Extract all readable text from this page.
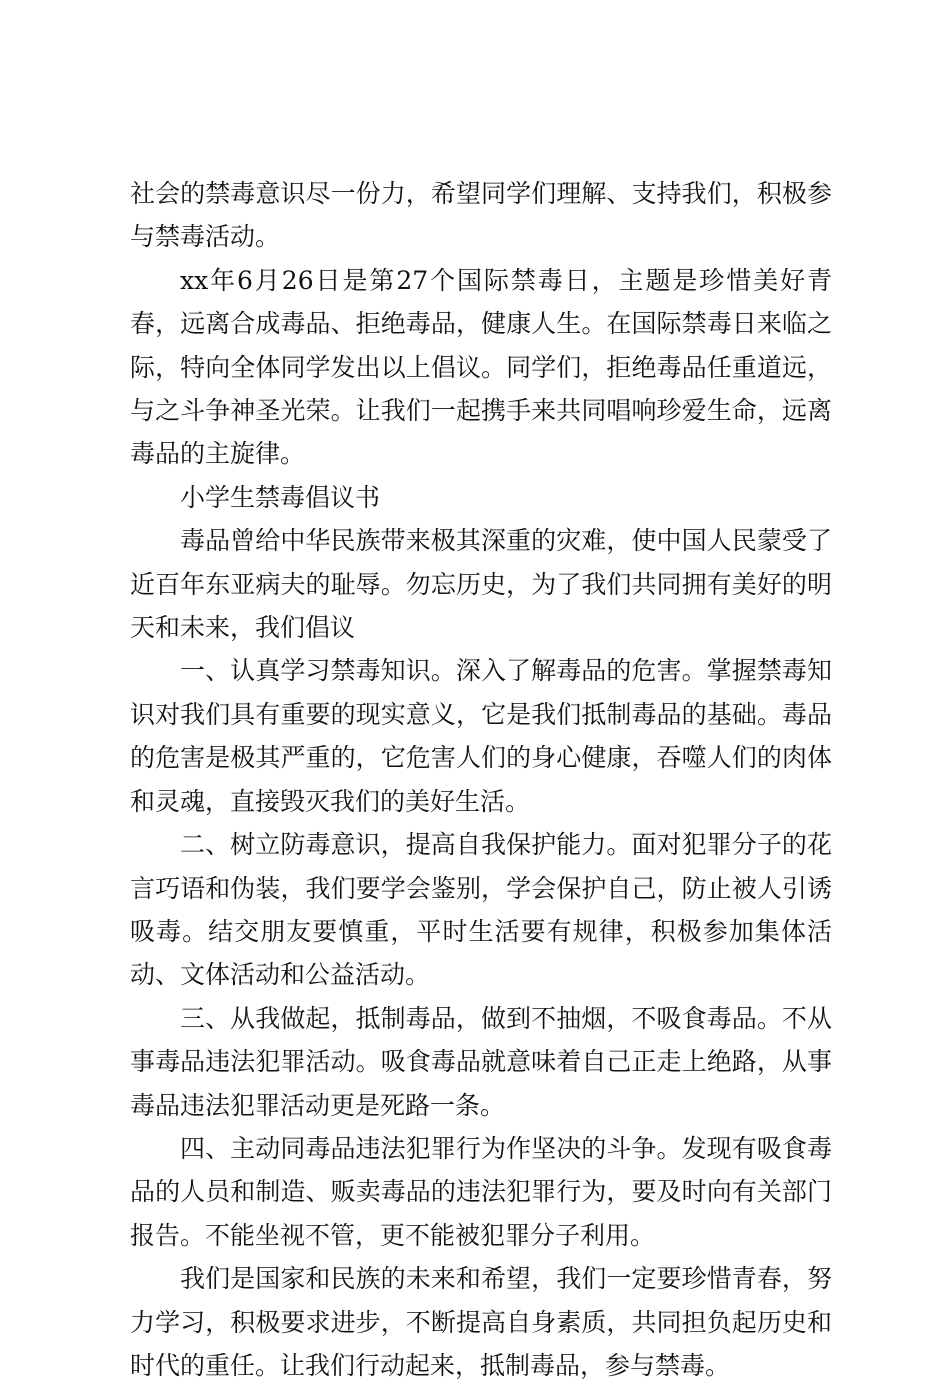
社会的禁毒意识尽一份力，希望同学们理解、支持我们，积极参与禁毒活动。

xx年6月26日是第27个国际禁毒日，主题是珍惜美好青春，远离合成毒品、拒绝毒品，健康人生。在国际禁毒日来临之际，特向全体同学发出以上倡议。同学们，拒绝毒品任重道远，与之斗争神圣光荣。让我们一起携手来共同唱响珍爱生命，远离毒品的主旋律。

小学生禁毒倡议书

毒品曾给中华民族带来极其深重的灾难，使中国人民蒙受了近百年东亚病夫的耻辱。勿忘历史，为了我们共同拥有美好的明天和未来，我们倡议

一、认真学习禁毒知识。深入了解毒品的危害。掌握禁毒知识对我们具有重要的现实意义，它是我们抵制毒品的基础。毒品的危害是极其严重的，它危害人们的身心健康，吞噬人们的肉体和灵魂，直接毁灭我们的美好生活。

二、树立防毒意识，提高自我保护能力。面对犯罪分子的花言巧语和伪装，我们要学会鉴别，学会保护自己，防止被人引诱吸毒。结交朋友要慎重，平时生活要有规律，积极参加集体活动、文体活动和公益活动。

三、从我做起，抵制毒品，做到不抽烟，不吸食毒品。不从事毒品违法犯罪活动。吸食毒品就意味着自己正走上绝路，从事毒品违法犯罪活动更是死路一条。

四、主动同毒品违法犯罪行为作坚决的斗争。发现有吸食毒品的人员和制造、贩卖毒品的违法犯罪行为，要及时向有关部门报告。不能坐视不管，更不能被犯罪分子利用。

我们是国家和民族的未来和希望，我们一定要珍惜青春，努力学习，积极要求进步，不断提高自身素质，共同担负起历史和时代的重任。让我们行动起来，抵制毒品，参与禁毒。
